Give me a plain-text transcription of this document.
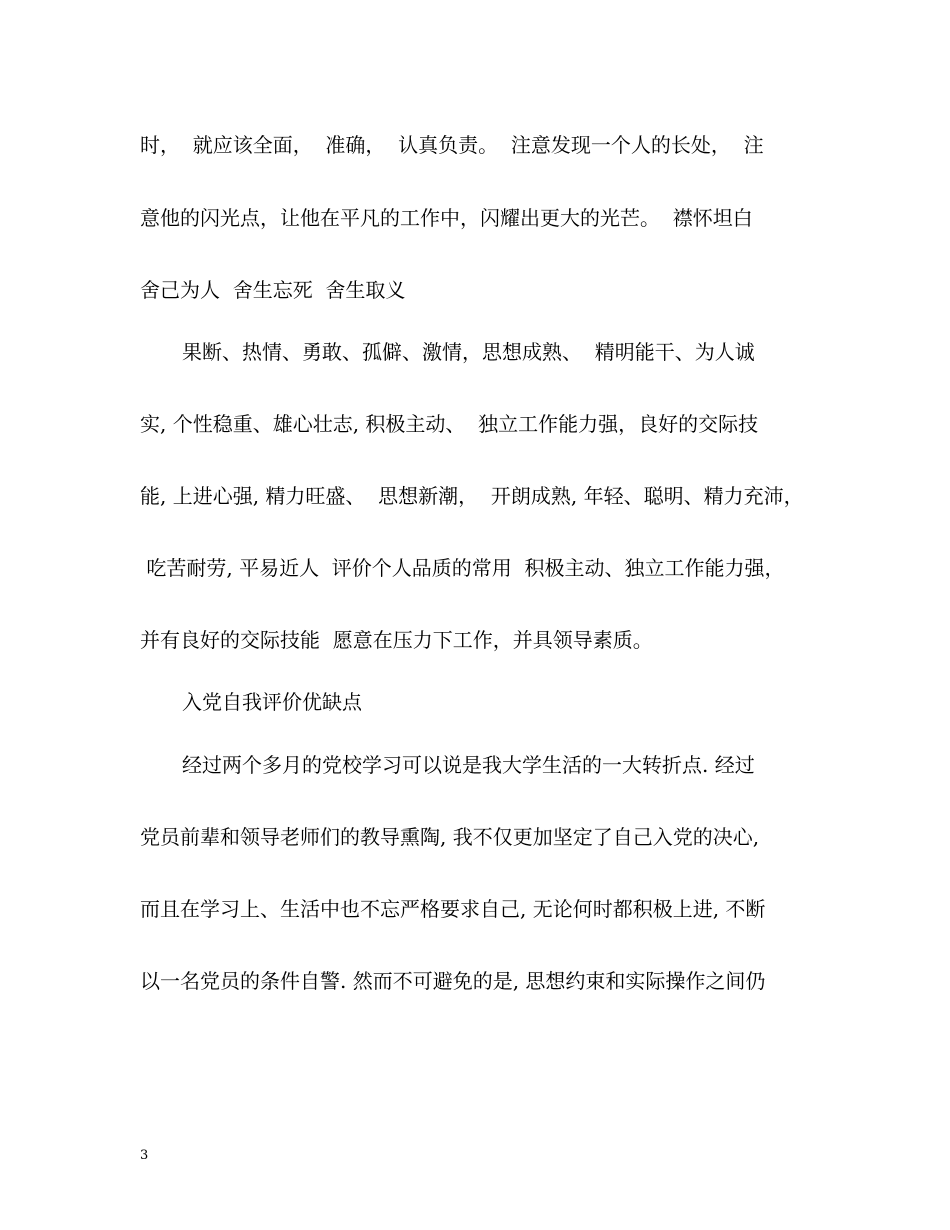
时，  就应该全面，  准确，  认真负责。  注意发现一个人的长处，  注
意他的闪光点，让他在平凡的工作中，闪耀出更大的光芒。  襟怀坦白
舍己为人  舍生忘死  舍生取义
果断、热情、勇敢、孤僻、激情，思想成熟、  精明能干、为人诚
实, 个性稳重、雄心壮志, 积极主动、  独立工作能力强，良好的交际技
能, 上进心强, 精力旺盛、  思想新潮，  开朗成熟, 年轻、聪明、精力充沛，
吃苦耐劳, 平易近人  评价个人品质的常用  积极主动、独立工作能力强，
并有良好的交际技能  愿意在压力下工作，并具领导素质。
入党自我评价优缺点
经过两个多月的党校学习可以说是我大学生活的一大转折点. 经过
党员前辈和领导老师们的教导熏陶, 我不仅更加坚定了自己入党的决心,
而且在学习上、生活中也不忘严格要求自己, 无论何时都积极上进, 不断
以一名党员的条件自警. 然而不可避免的是, 思想约束和实际操作之间仍
3
